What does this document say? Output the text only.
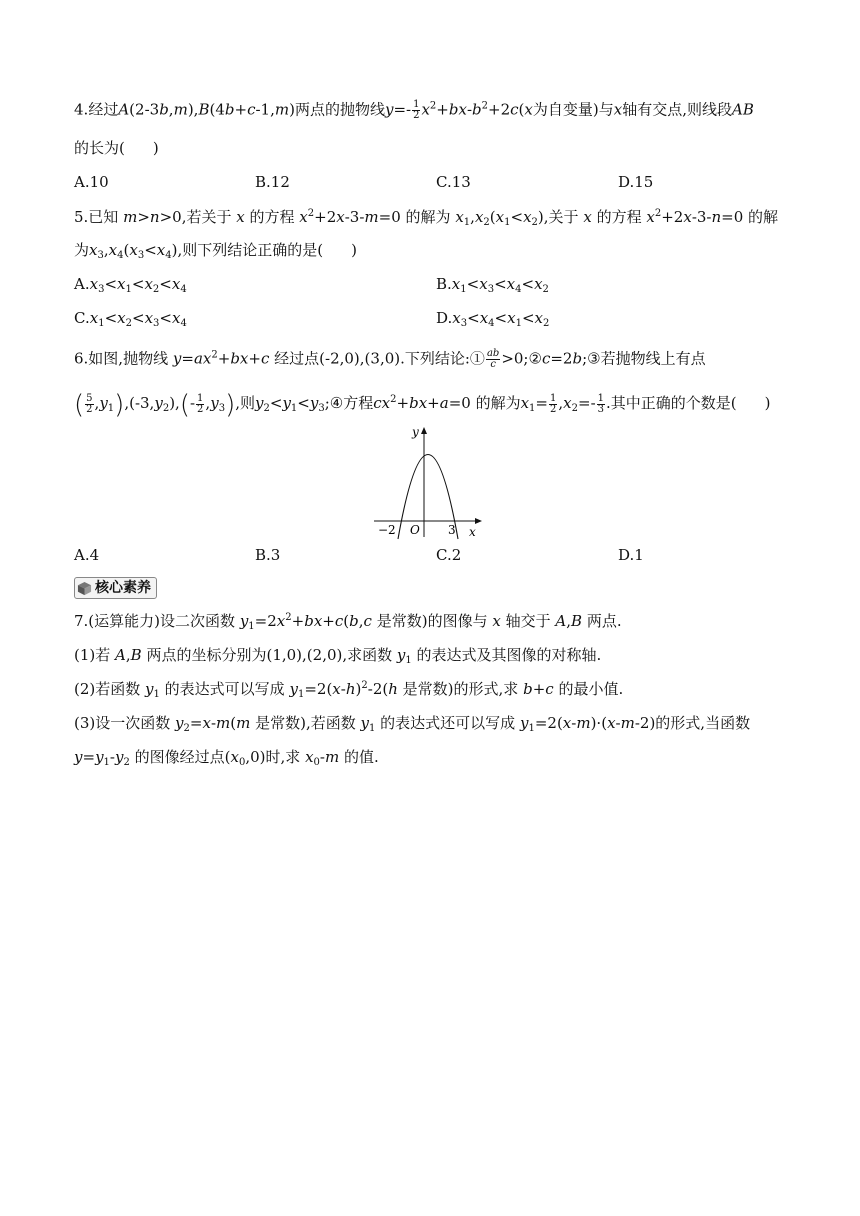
4.经过A(2-3b,m),B(4b+c-1,m)两点的抛物线$y=- \frac{1}{2} x^2+bx-b^2+2c(x$为自变量)与x轴有交点,则线段AB
的长为( )
A.10	B.12	C.13	D.15
5.已知 m>n>0,若关于 x 的方程 $x^2+2x-3-m=0$ 的解为 $x_1,x_2(x_1<x_2)$,关于 x 的方程 $x^2+2x-3-n=0$ 的解
为$x_3,x_4(x_3<x_4)$,则下列结论正确的是( )
$A.x_3<x_1<x_2<x_4$	$B.x_1<x_3<x_4<x_2$
$C.x_1<x_2<x_3<x_4$	$D.x_3<x_4<x_1<x_2$
6.如图,抛物线 $y=ax^2+bx+c$ 经过点(-2,0),(3,0).下列结论:① $\frac{ab}{c}$ >0;②c=2b;③若抛物线上有点
( $\frac{5}{2} ,y_1),(-3,y_2),(- \frac{1}{2} ,y_3)$,则$y_2<y_1<y_3;④$方程$cx^2+bx+a=0$ 的解为$x_1= \frac{1}{2} ,x_2=- \frac{1}{3}$ .其中正确的个数是( )
y
x
O
−2	3
A.4	B.3	C.2	D.1
核心素养
7.(运算能力)设二次函数 $y_1=2x^2+bx+c(b,c$ 是常数)的图像与 x 轴交于 A,B 两点.
(1)若 A,B 两点的坐标分别为(1,0),(2,0),求函数 $y_1$ 的表达式及其图像的对称轴.
(2)若函数 $y_1$ 的表达式可以写成 $y_1=2(x-h)^2-2(h$ 是常数)的形式,求 b+c 的最小值.
(3)设一次函数 $y_2=x-m(m$ 是常数),若函数 $y_1$ 的表达式还可以写成 $y_1=2(x-m)\cdot(x-m-2)$的形式,当函数
$y=y_1-y_2$ 的图像经过点$(x_0,0)$时,求 $x_0-m$ 的值.
